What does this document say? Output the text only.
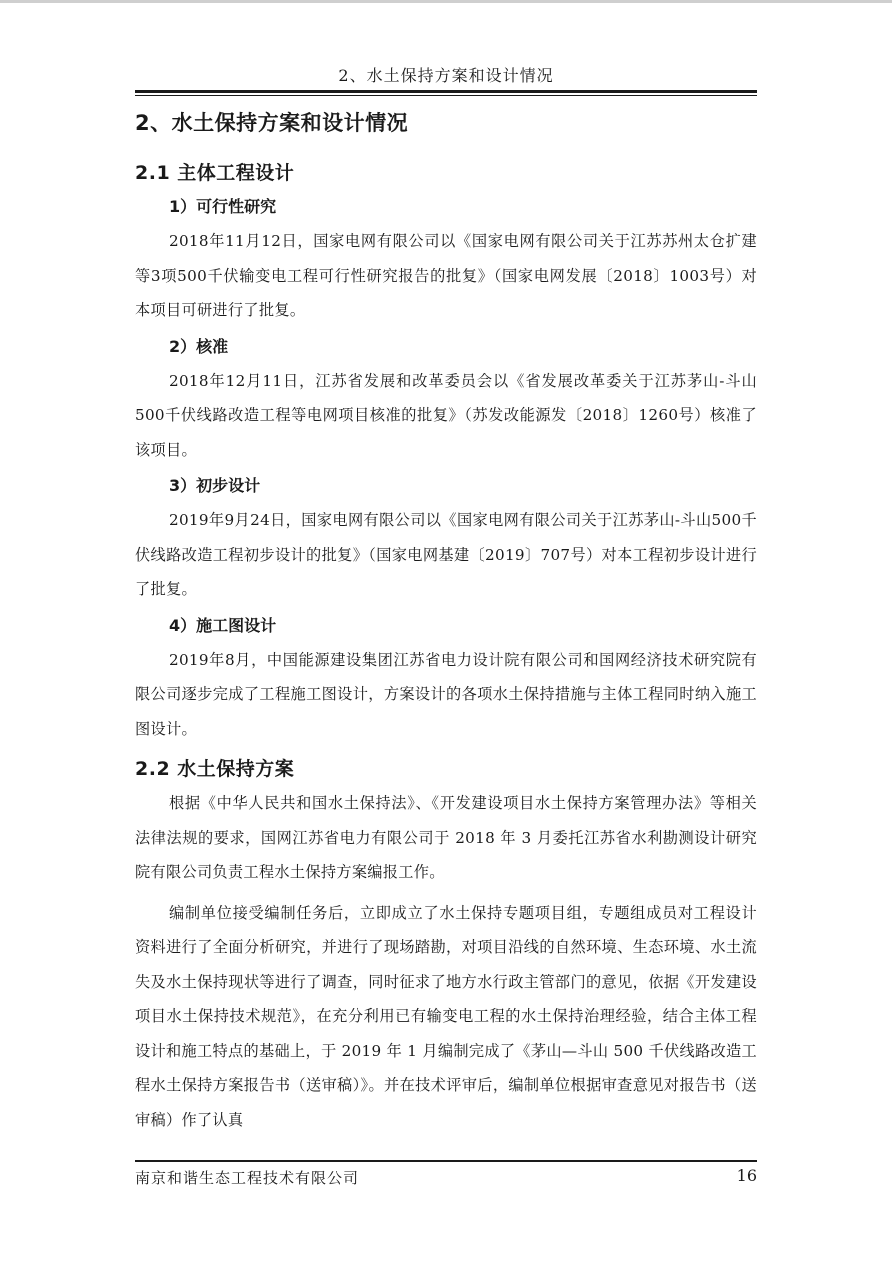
2、水土保持方案和设计情况
2、水土保持方案和设计情况
2.1 主体工程设计
1）可行性研究

2018年11月12日，国家电网有限公司以《国家电网有限公司关于江苏苏州太仓扩建等3项500千伏输变电工程可行性研究报告的批复》（国家电网发展〔2018〕1003号）对本项目可研进行了批复。

2）核准

2018年12月11日，江苏省发展和改革委员会以《省发展改革委关于江苏茅山-斗山500千伏线路改造工程等电网项目核准的批复》（苏发改能源发〔2018〕1260号）核准了该项目。

3）初步设计

2019年9月24日，国家电网有限公司以《国家电网有限公司关于江苏茅山-斗山500千伏线路改造工程初步设计的批复》（国家电网基建〔2019〕707号）对本工程初步设计进行了批复。

4）施工图设计

2019年8月，中国能源建设集团江苏省电力设计院有限公司和国网经济技术研究院有限公司逐步完成了工程施工图设计，方案设计的各项水土保持措施与主体工程同时纳入施工图设计。

2.2 水土保持方案

根据《中华人民共和国水土保持法》、《开发建设项目水土保持方案管理办法》等相关法律法规的要求，国网江苏省电力有限公司于 2018 年 3 月委托江苏省水利勘测设计研究院有限公司负责工程水土保持方案编报工作。

编制单位接受编制任务后，立即成立了水土保持专题项目组，专题组成员对工程设计资料进行了全面分析研究，并进行了现场踏勘，对项目沿线的自然环境、生态环境、水土流失及水土保持现状等进行了调查，同时征求了地方水行政主管部门的意见，依据《开发建设项目水土保持技术规范》，在充分利用已有输变电工程的水土保持治理经验，结合主体工程设计和施工特点的基础上，于 2019 年 1 月编制完成了《茅山—斗山 500 千伏线路改造工程水土保持方案报告书（送审稿）》。并在技术评审后，编制单位根据审查意见对报告书（送审稿）作了认真

南京和谐生态工程技术有限公司	16
